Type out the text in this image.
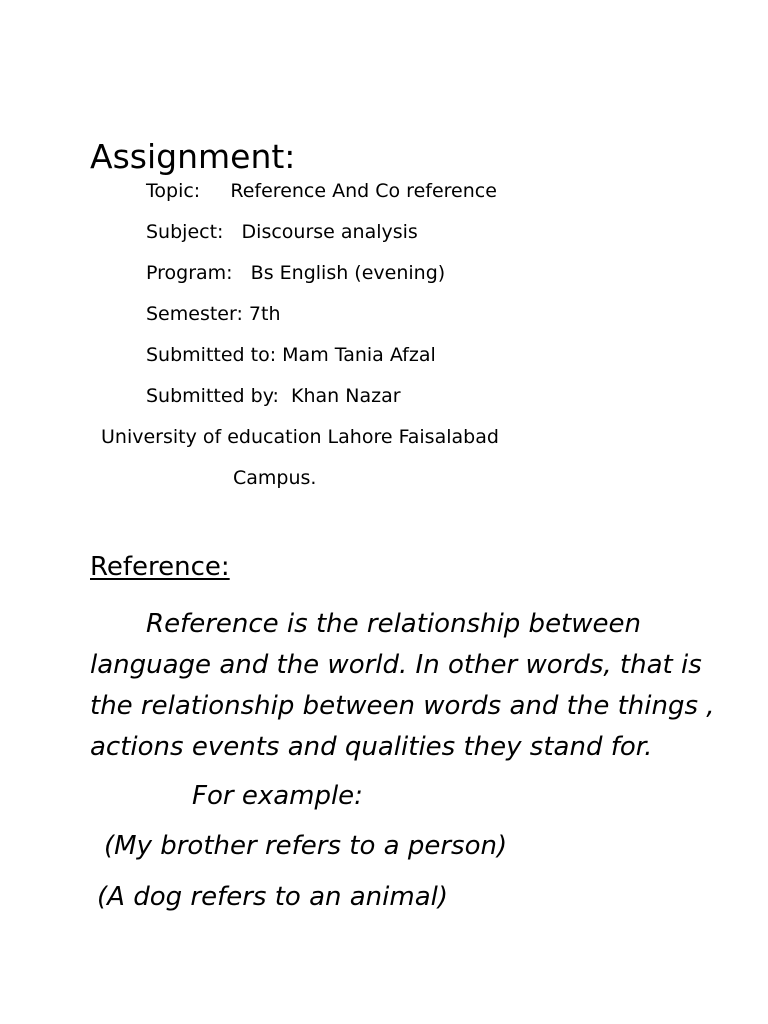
Assignment:
Topic:     Reference And Co reference
Subject:   Discourse analysis
Program:   Bs English (evening)
Semester: 7th
Submitted to: Mam Tania Afzal
Submitted by:  Khan Nazar
University of education Lahore Faisalabad
Campus.
Reference:
Reference is the relationship between
language and the world. In other words, that is
the relationship between words and the things ,
actions events and qualities they stand for.
For example:
(My brother refers to a person)
(A dog refers to an animal)
